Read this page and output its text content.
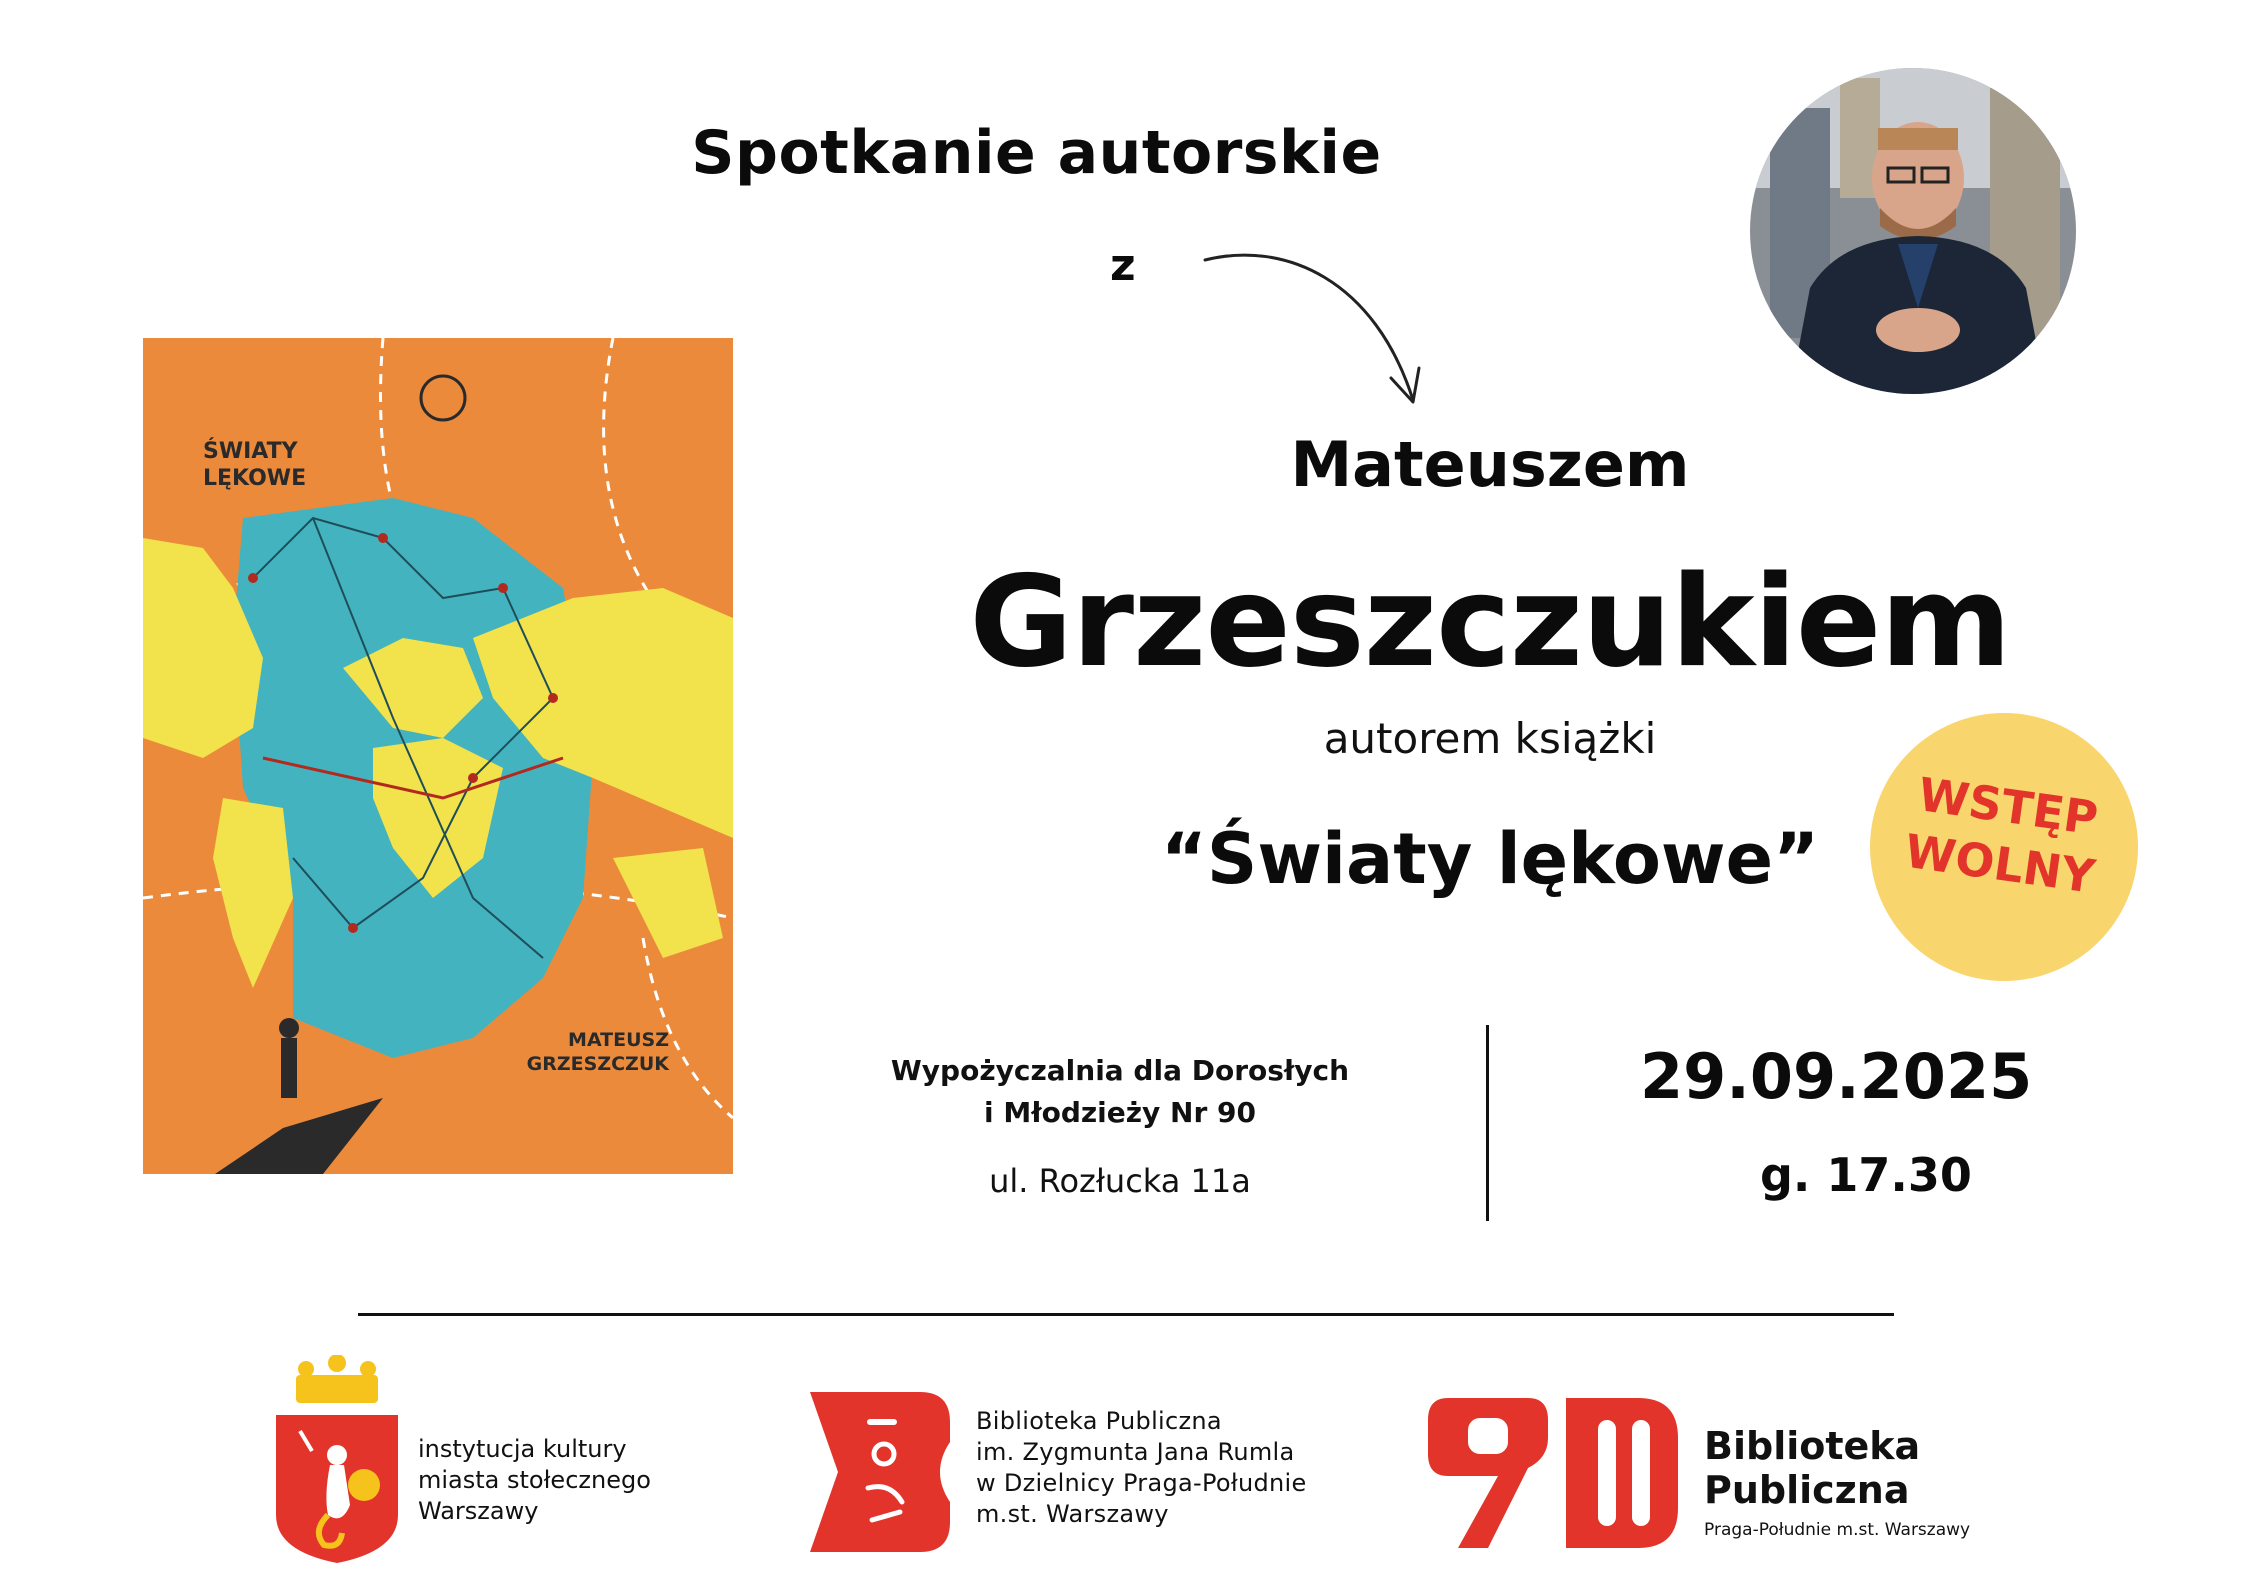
Spotkanie autorskie
z
Mateuszem
Grzeszczukiem
autorem książki
“Światy lękowe”
WSTĘP
WOLNY
ŚWIATY
LĘKOWE
MATEUSZ
GRZESZCZUK	Wypożyczalnia dla Dorosłych
i Młodzieży Nr 90
ul. Rozłucka 11a
29.09.2025
g. 17.30
instytucja kultury
miasta stołecznego
Warszawy
Biblioteka Publiczna
im. Zygmunta Jana Rumla
w Dzielnicy Praga-Południe
m.st. Warszawy
Biblioteka
Publiczna
Praga-Południe m.st. Warszawy
